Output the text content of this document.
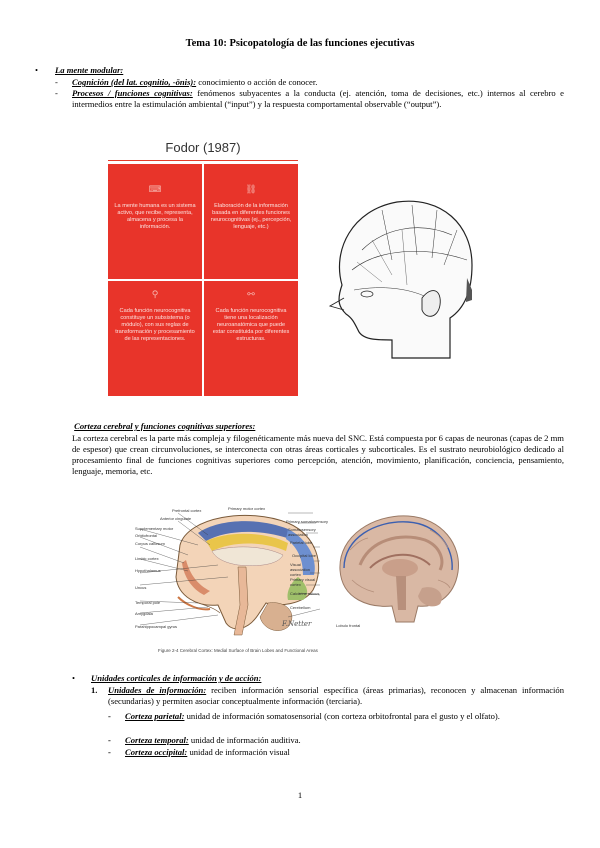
Tema 10: Psicopatología de las funciones ejecutivas
• La mente modular:
- Cognición (del lat. cognitio, -ōnis): conocimiento o acción de conocer.
- Procesos / funciones cognitivas: fenómenos subyacentes a la conducta (ej. atención, toma de decisiones, etc.) internos al cerebro e intermedios entre la estimulación ambiental (“input”) y la respuesta comportamental observable (“output”).
Fodor (1987)
⌨
La mente humana es un sistema activo, que recibe, representa, almacena y procesa la información.
⛓
Elaboración de la información basada en diferentes funciones neurocognitivas (ej., percepción, lenguaje, etc.)
⚲
Cada función neurocognitiva constituye un subsistema (o módulo), con sus reglas de transformación y procesamiento de las representaciones.
⚯
Cada función neurocognitiva tiene una localización neuroanatómica que puede estar constituida por diferentes estructuras.
Corteza cerebral y funciones cognitivas superiores:
La corteza cerebral es la parte más compleja y filogenéticamente más nueva del SNC. Está compuesta por 6 capas de neuronas (capas de 2 mm de espesor) que crean circunvoluciones, se interconecta con otras áreas corticales y subcorticales. Es el sustrato neurobiológico dedicado al procesamiento final de funciones cognitivas superiores como percepción, atención, movimiento, planificación, conciencia, pensamiento, lenguaje, memoria, etc.
Prefrontal cortex
Anterior cingulate
Supplementary motor
Orbitofrontal
Corpus callosum
Limbic cortex
Hypothalamus
Uncus
Temporal pole
Amygdala
Parahippocampal gyrus
Primary motor cortex
Primary somatosensory
Somatosensory association
Parietal lobe
Occipital lobe
Visual association cortex
Primary visual cortex
Calcarine sulcus
Cerebellum
F.Netter	Lobulo frontal
Figure 2-4 Cerebral Cortex: Medial Surface of Brain Lobes and Functional Areas
• Unidades corticales de información y de acción:
1. Unidades de información: reciben información sensorial específica (áreas primarias), reconocen y almacenan información (secundarias) y permiten asociar conceptualmente información (terciaria).
- Corteza parietal: unidad de información somatosensorial (con corteza orbitofrontal para el gusto y el olfato).
- Corteza temporal: unidad de información auditiva.
- Corteza occipital: unidad de información visual
1
